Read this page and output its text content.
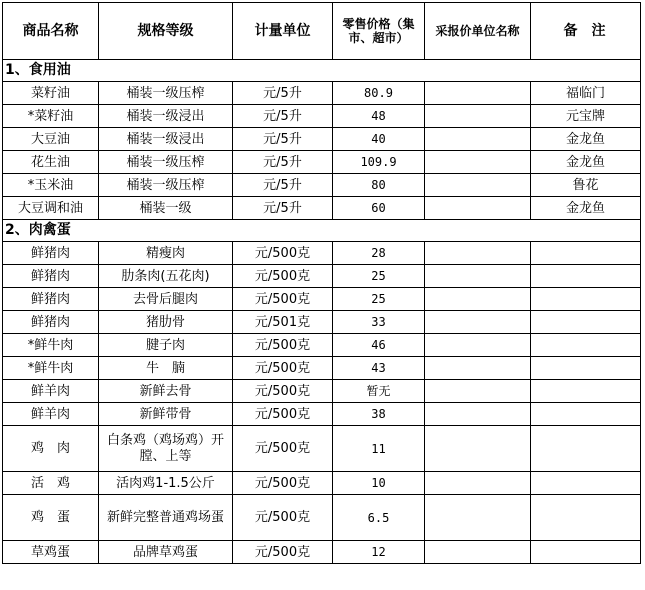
商品名称	规格等级	计量单位	零售价格（集市、超市）	采报价单位名称	备注
1、食用油					
菜籽油	桶装一级压榨	元/5升	80.9		福临门
*菜籽油	桶装一级浸出	元/5升	48		元宝牌
大豆油	桶装一级浸出	元/5升	40		金龙鱼
花生油	桶装一级压榨	元/5升	109.9		金龙鱼
*玉米油	桶装一级压榨	元/5升	80		鲁花
大豆调和油	桶装一级	元/5升	60		金龙鱼
2、肉禽蛋					
鲜猪肉	精瘦肉	元/500克	28		
鲜猪肉	肋条肉(五花肉)	元/500克	25		
鲜猪肉	去骨后腿肉	元/500克	25		
鲜猪肉	猪肋骨	元/501克	33		
*鲜牛肉	腱子肉	元/500克	46		
*鲜牛肉	牛　腩	元/500克	43		
鲜羊肉	新鲜去骨	元/500克	暂无		
鲜羊肉	新鲜带骨	元/500克	38		
鸡　肉	白条鸡（鸡场鸡）开膛、上等	元/500克	11		
活　鸡	活肉鸡1-1.5公斤	元/500克	10		
鸡　蛋	新鲜完整普通鸡场蛋	元/500克	6.5		
草鸡蛋	品牌草鸡蛋	元/500克	12		
